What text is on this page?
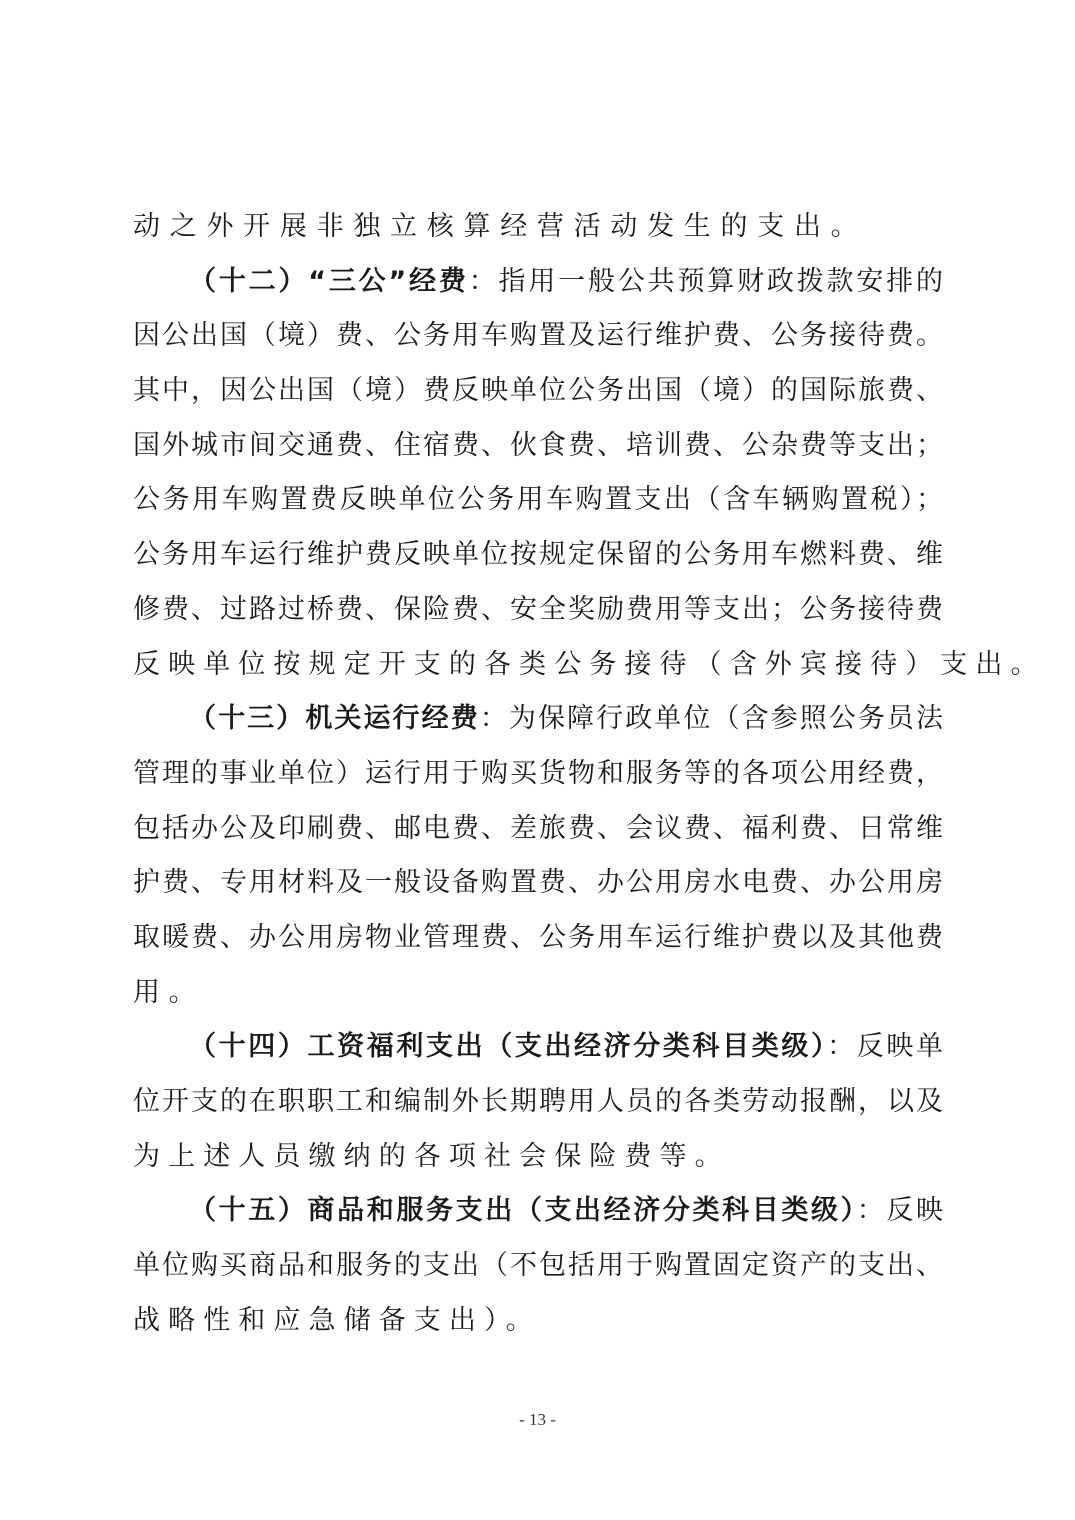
动之外开展非独立核算经营活动发生的支出。
（十二）“三公”经费：指用一般公共预算财政拨款安排的
因公出国（境）费、公务用车购置及运行维护费、公务接待费。
其中，因公出国（境）费反映单位公务出国（境）的国际旅费、
国外城市间交通费、住宿费、伙食费、培训费、公杂费等支出；
公务用车购置费反映单位公务用车购置支出（含车辆购置税）；
公务用车运行维护费反映单位按规定保留的公务用车燃料费、维
修费、过路过桥费、保险费、安全奖励费用等支出；公务接待费
反映单位按规定开支的各类公务接待（含外宾接待）支出。
（十三）机关运行经费：为保障行政单位（含参照公务员法
管理的事业单位）运行用于购买货物和服务等的各项公用经费，
包括办公及印刷费、邮电费、差旅费、会议费、福利费、日常维
护费、专用材料及一般设备购置费、办公用房水电费、办公用房
取暖费、办公用房物业管理费、公务用车运行维护费以及其他费
用。
（十四）工资福利支出（支出经济分类科目类级）：反映单
位开支的在职职工和编制外长期聘用人员的各类劳动报酬，以及
为上述人员缴纳的各项社会保险费等。
（十五）商品和服务支出（支出经济分类科目类级）：反映
单位购买商品和服务的支出（不包括用于购置固定资产的支出、
战略性和应急储备支出）。
- 13 -
